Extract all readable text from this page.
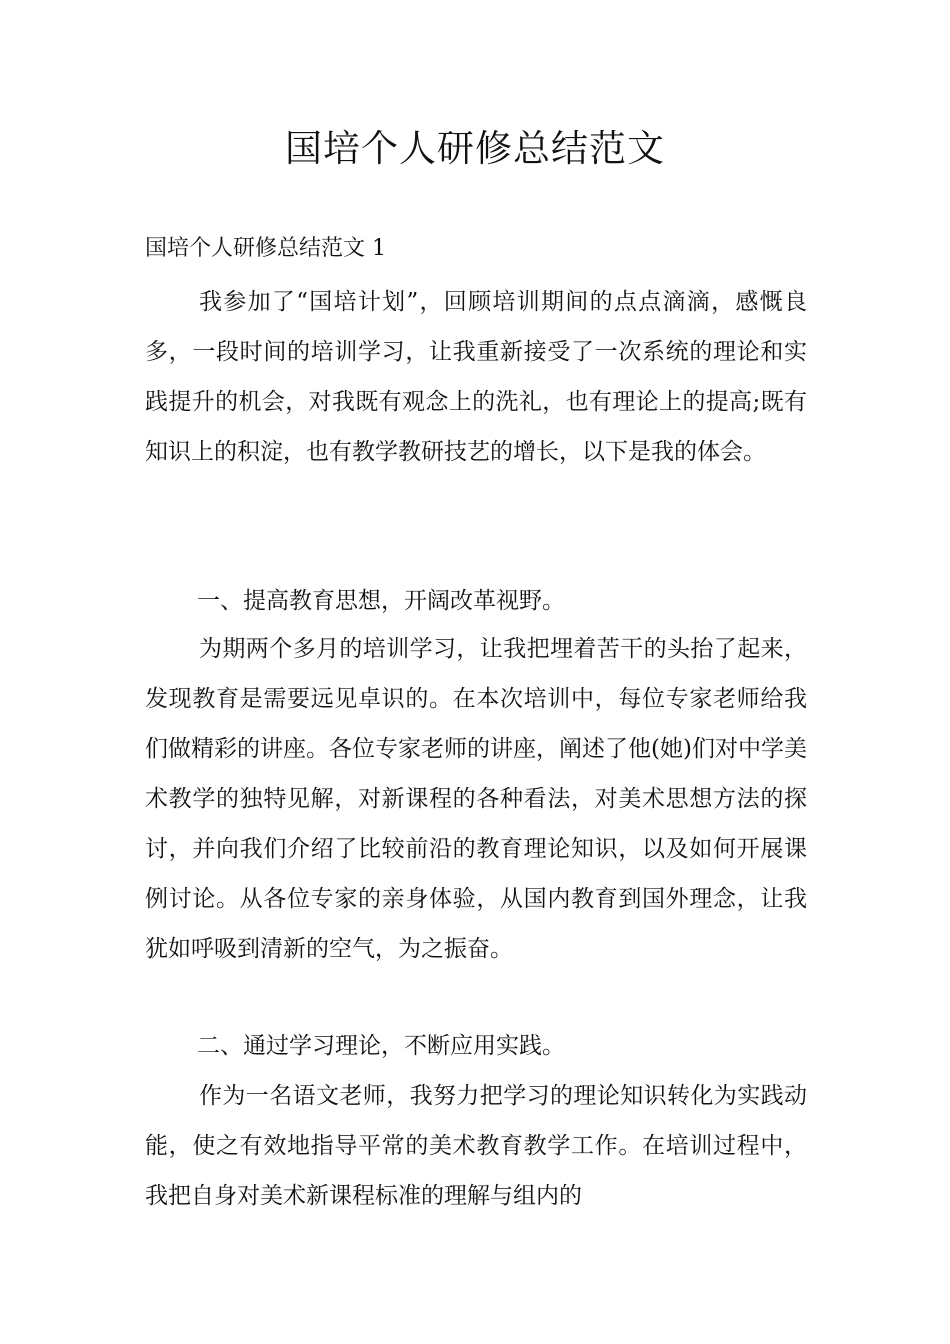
国培个人研修总结范文

国培个人研修总结范文 1

我参加了“国培计划”，回顾培训期间的点点滴滴，感慨良多，一段时间的培训学习，让我重新接受了一次系统的理论和实践提升的机会，对我既有观念上的洗礼，也有理论上的提高;既有知识上的积淀，也有教学教研技艺的增长，以下是我的体会。

一、提高教育思想，开阔改革视野。

为期两个多月的培训学习，让我把埋着苦干的头抬了起来，发现教育是需要远见卓识的。在本次培训中，每位专家老师给我们做精彩的讲座。各位专家老师的讲座，阐述了他(她)们对中学美术教学的独特见解，对新课程的各种看法，对美术思想方法的探讨，并向我们介绍了比较前沿的教育理论知识，以及如何开展课例讨论。从各位专家的亲身体验，从国内教育到国外理念，让我犹如呼吸到清新的空气，为之振奋。

二、通过学习理论，不断应用实践。

作为一名语文老师，我努力把学习的理论知识转化为实践动能，使之有效地指导平常的美术教育教学工作。在培训过程中，我把自身对美术新课程标准的理解与组内的
